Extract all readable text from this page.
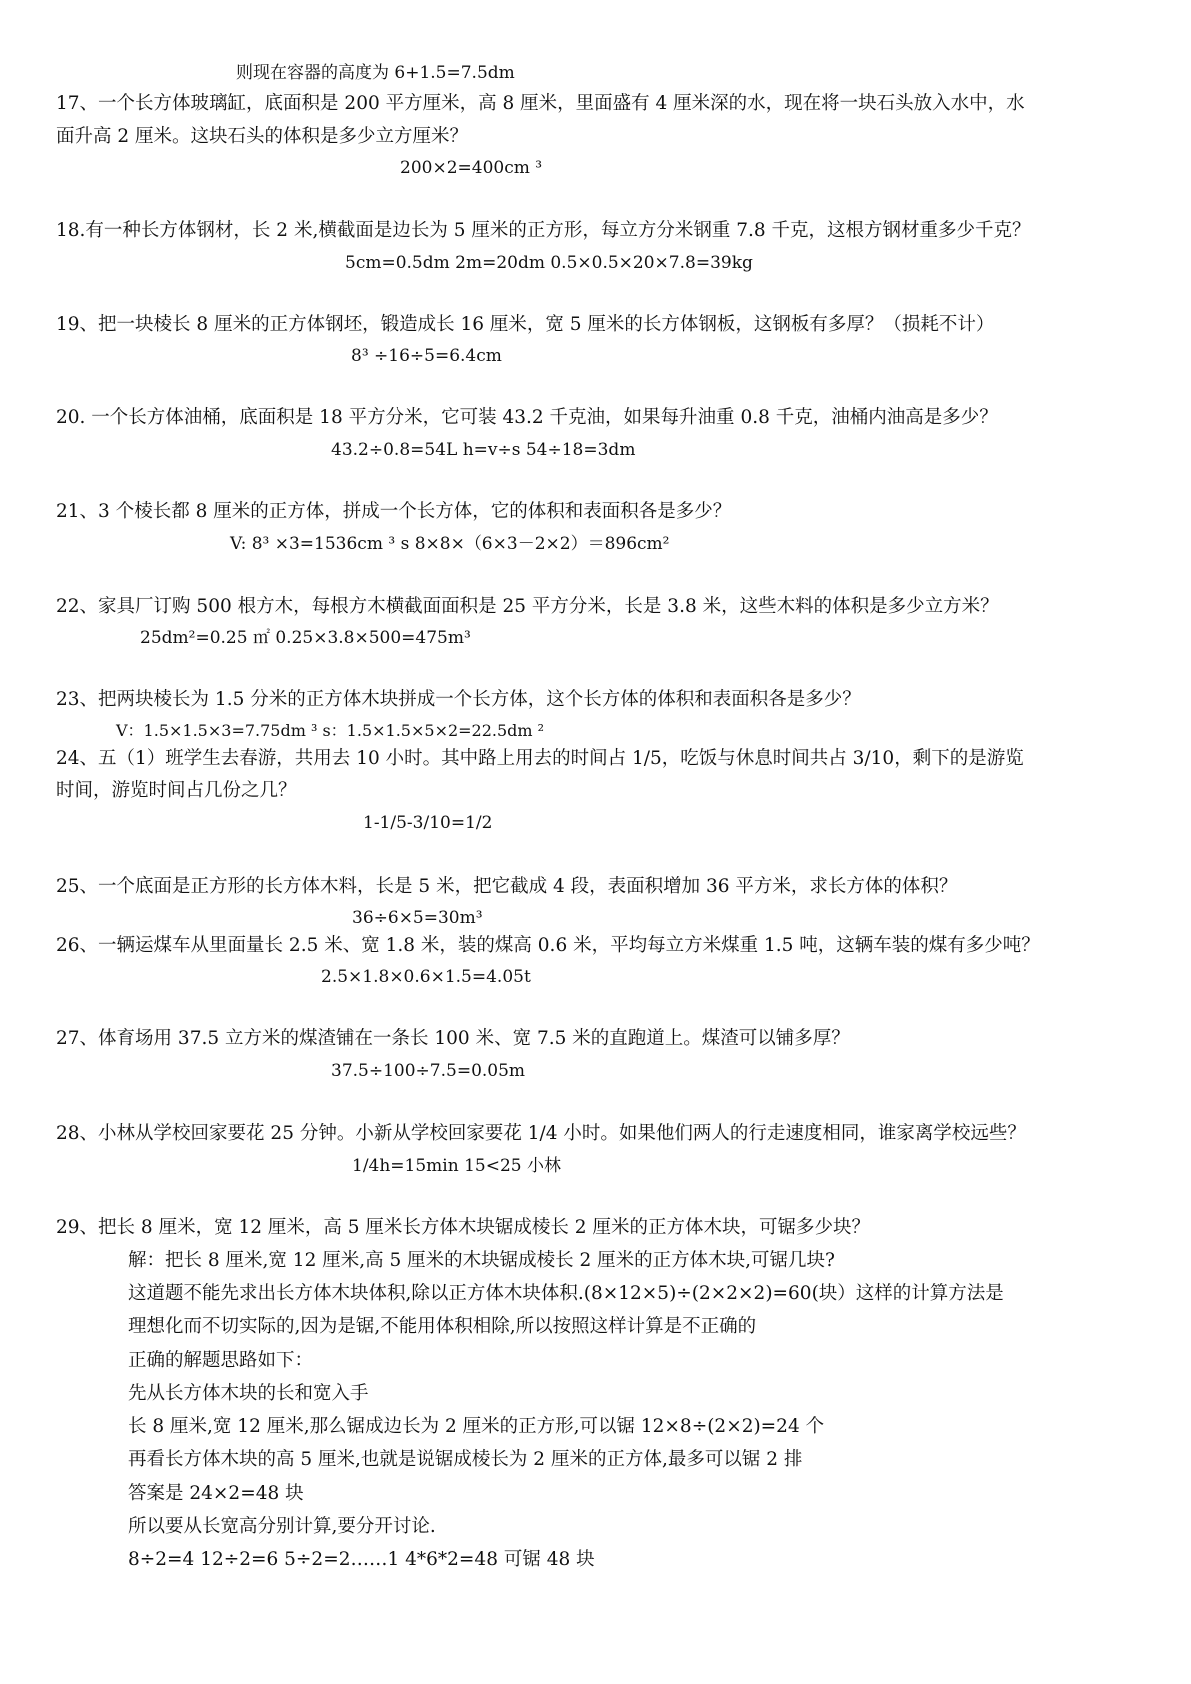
则现在容器的高度为 6+1.5=7.5dm
17、一个长方体玻璃缸，底面积是 200 平方厘米，高 8 厘米，里面盛有 4 厘米深的水，现在将一块石头放入水中，水
面升高 2 厘米。这块石头的体积是多少立方厘米？
200×2=400cm ³
18.有一种长方体钢材，长 2 米,横截面是边长为 5 厘米的正方形，每立方分米钢重 7.8 千克，这根方钢材重多少千克？
5cm=0.5dm 2m=20dm 0.5×0.5×20×7.8=39kg
19、把一块棱长 8 厘米的正方体钢坯，锻造成长 16 厘米，宽 5 厘米的长方体钢板，这钢板有多厚？（损耗不计）
8³ ÷16÷5=6.4cm
20. 一个长方体油桶，底面积是 18 平方分米，它可装 43.2 千克油，如果每升油重 0.8 千克，油桶内油高是多少？
43.2÷0.8=54L h=v÷s 54÷18=3dm
21、3 个棱长都 8 厘米的正方体，拼成一个长方体，它的体积和表面积各是多少？
V: 8³ ×3=1536cm ³ s 8×8×（6×3－2×2）＝896cm²
22、家具厂订购 500 根方木，每根方木横截面面积是 25 平方分米，长是 3.8 米，这些木料的体积是多少立方米？
25dm²=0.25 ㎡ 0.25×3.8×500=475m³
23、把两块棱长为 1.5 分米的正方体木块拼成一个长方体，这个长方体的体积和表面积各是多少？
V：1.5×1.5×3=7.75dm ³ s：1.5×1.5×5×2=22.5dm ²
24、五（1）班学生去春游，共用去 10 小时。其中路上用去的时间占 1/5，吃饭与休息时间共占 3/10，剩下的是游览
时间，游览时间占几份之几？
1-1/5-3/10=1/2
25、一个底面是正方形的长方体木料，长是 5 米，把它截成 4 段，表面积增加 36 平方米，求长方体的体积？
36÷6×5=30m³
26、一辆运煤车从里面量长 2.5 米、宽 1.8 米，装的煤高 0.6 米，平均每立方米煤重 1.5 吨，这辆车装的煤有多少吨？
2.5×1.8×0.6×1.5=4.05t
27、体育场用 37.5 立方米的煤渣铺在一条长 100 米、宽 7.5 米的直跑道上。煤渣可以铺多厚？
37.5÷100÷7.5=0.05m
28、小林从学校回家要花 25 分钟。小新从学校回家要花 1/4 小时。如果他们两人的行走速度相同，谁家离学校远些？
1/4h=15min 15<25 小林
29、把长 8 厘米，宽 12 厘米，高 5 厘米长方体木块锯成棱长 2 厘米的正方体木块，可锯多少块？
解：把长 8 厘米,宽 12 厘米,高 5 厘米的木块锯成棱长 2 厘米的正方体木块,可锯几块?
这道题不能先求出长方体木块体积,除以正方体木块体积.(8×12×5)÷(2×2×2)=60(块）这样的计算方法是
理想化而不切实际的,因为是锯,不能用体积相除,所以按照这样计算是不正确的
正确的解题思路如下：
先从长方体木块的长和宽入手
长 8 厘米,宽 12 厘米,那么锯成边长为 2 厘米的正方形,可以锯 12×8÷(2×2)=24 个
再看长方体木块的高 5 厘米,也就是说锯成棱长为 2 厘米的正方体,最多可以锯 2 排
答案是 24×2=48 块
所以要从长宽高分别计算,要分开讨论.
8÷2=4 12÷2=6 5÷2=2……1 4*6*2=48 可锯 48 块
